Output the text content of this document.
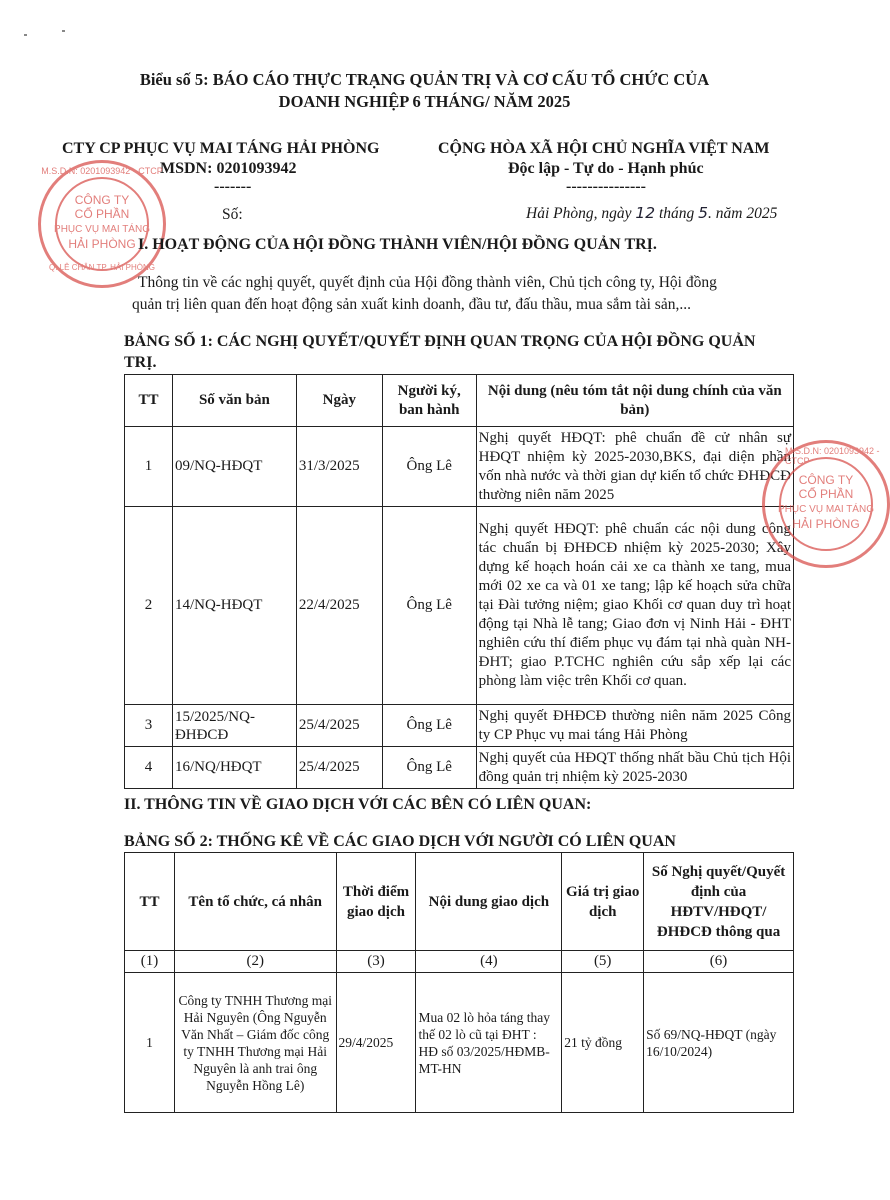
Biểu số 5: BÁO CÁO THỰC TRẠNG QUẢN TRỊ VÀ CƠ CẤU TỔ CHỨC CỦA
DOANH NGHIỆP 6 THÁNG/ NĂM 2025
CTY CP PHỤC VỤ MAI TÁNG HẢI PHÒNG
MSDN: 0201093942
-------
CỘNG HÒA XÃ HỘI CHỦ NGHĨA VIỆT NAM
Độc lập - Tự do - Hạnh phúc
---------------
Số:	Hải Phòng, ngày 12 tháng 5. năm 2025
M.S.D.N: 0201093942 - CTCP
CÔNG TY
CỔ PHẦN
PHỤC VỤ MAI TÁNG
HẢI PHÒNG
Q. LÊ CHÂN TP. HẢI PHÒNG
I. HOẠT ĐỘNG CỦA HỘI ĐỒNG THÀNH VIÊN/HỘI ĐỒNG QUẢN TRỊ.
Thông tin về các nghị quyết, quyết định của Hội đồng thành viên, Chủ tịch công ty, Hội đồng
quản trị liên quan đến hoạt động sản xuất kinh doanh, đầu tư, đấu thầu, mua sắm tài sản,...
BẢNG SỐ 1: CÁC NGHỊ QUYẾT/QUYẾT ĐỊNH QUAN TRỌNG CỦA HỘI ĐỒNG QUẢN
TRỊ.
TT	Số văn bản	Ngày	Người ký, ban hành	Nội dung (nêu tóm tắt nội dung chính của văn bản)
1	09/NQ-HĐQT	31/3/2025	Ông Lê	Nghị quyết HĐQT: phê chuẩn đề cử nhân sự HĐQT nhiệm kỳ 2025-2030,BKS, đại diện phần vốn nhà nước và thời gian dự kiến tổ chức ĐHĐCĐ thường niên năm 2025
2	14/NQ-HĐQT	22/4/2025	Ông Lê	Nghị quyết HĐQT: phê chuẩn các nội dung công tác chuẩn bị ĐHĐCĐ nhiệm kỳ 2025-2030; Xây dựng kế hoạch hoán cải xe ca thành xe tang, mua mới 02 xe ca và 01 xe tang; lập kế hoạch sửa chữa tại Đài tưởng niệm; giao Khối cơ quan duy trì hoạt động tại Nhà lễ tang; Giao đơn vị Ninh Hải - ĐHT nghiên cứu thí điểm phục vụ đám tại nhà quàn NH-ĐHT; giao P.TCHC nghiên cứu sắp xếp lại các phòng làm việc trên Khối cơ quan.
3	15/2025/NQ-ĐHĐCĐ	25/4/2025	Ông Lê	Nghị quyết ĐHĐCĐ thường niên năm 2025 Công ty CP Phục vụ mai táng Hải Phòng
4	16/NQ/HĐQT	25/4/2025	Ông Lê	Nghị quyết của HĐQT thống nhất bầu Chủ tịch Hội đồng quản trị nhiệm kỳ 2025-2030
M.S.D.N: 0201093942 - CTCP
CÔNG TY
CỔ PHẦN
PHỤC VỤ MAI TÁNG
HẢI PHÒNG
II. THÔNG TIN VỀ GIAO DỊCH VỚI CÁC BÊN CÓ LIÊN QUAN:
BẢNG SỐ 2: THỐNG KÊ VỀ CÁC GIAO DỊCH VỚI NGƯỜI CÓ LIÊN QUAN
TT	Tên tổ chức, cá nhân	Thời điểm giao dịch	Nội dung giao dịch	Giá trị giao dịch	Số Nghị quyết/Quyết định của HĐTV/HĐQT/ ĐHĐCĐ thông qua
(1)	(2)	(3)	(4)	(5)	(6)
1	Công ty TNHH Thương mại Hải Nguyên (Ông Nguyễn Văn Nhất – Giám đốc công ty TNHH Thương mại Hải Nguyên là anh trai ông Nguyễn Hồng Lê)	29/4/2025	Mua 02 lò hỏa táng thay thế 02 lò cũ tại ĐHT : HĐ số 03/2025/HĐMB-MT-HN	21 tỷ đồng	Số 69/NQ-HĐQT (ngày 16/10/2024)
